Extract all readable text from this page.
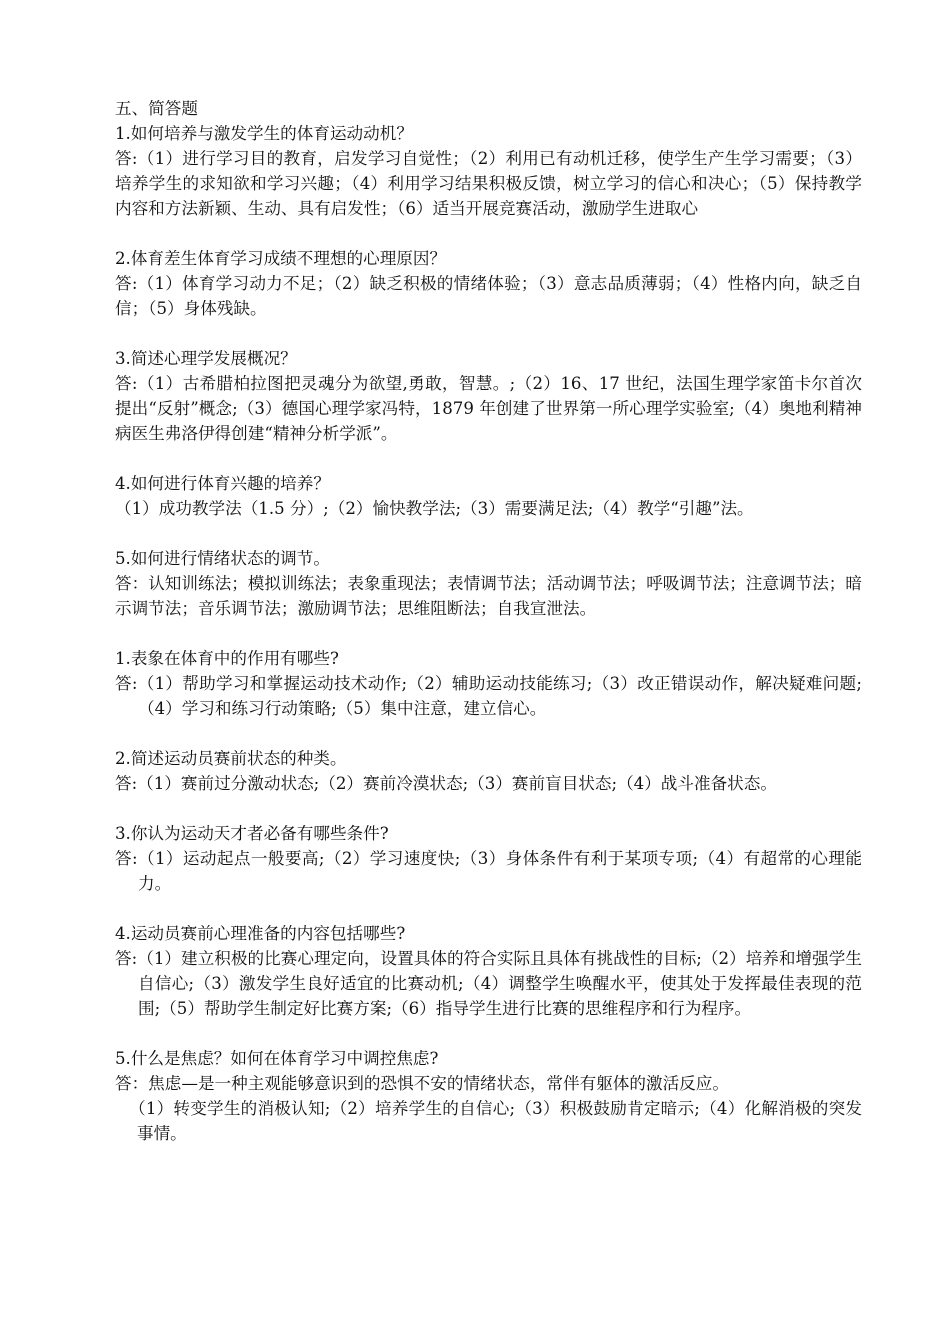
五、简答题

1.如何培养与激发学生的体育运动动机？

答:（1）进行学习目的教育，启发学习自觉性；（2）利用已有动机迁移，使学生产生学习需要；（3）培养学生的求知欲和学习兴趣；（4）利用学习结果积极反馈，树立学习的信心和决心；（5）保持教学内容和方法新颖、生动、具有启发性；（6）适当开展竞赛活动，激励学生进取心

2.体育差生体育学习成绩不理想的心理原因？

答:（1）体育学习动力不足；（2）缺乏积极的情绪体验；（3）意志品质薄弱；（4）性格内向，缺乏自信；（5）身体残缺。

3.简述心理学发展概况？

答:（1）古希腊柏拉图把灵魂分为欲望,勇敢，智慧。;（2）16、17 世纪，法国生理学家笛卡尔首次提出“反射”概念;（3）德国心理学家冯特，1879 年创建了世界第一所心理学实验室;（4）奥地利精神病医生弗洛伊得创建“精神分析学派”。

4.如何进行体育兴趣的培养？

（1）成功教学法（1.5 分）;（2）愉快教学法;（3）需要满足法;（4）教学“引趣”法。

5.如何进行情绪状态的调节。

答：认知训练法；模拟训练法；表象重现法；表情调节法；活动调节法；呼吸调节法；注意调节法；暗示调节法；音乐调节法；激励调节法；思维阻断法；自我宣泄法。

1.表象在体育中的作用有哪些?

答:（1）帮助学习和掌握运动技术动作;（2）辅助运动技能练习;（3）改正错误动作，解决疑难问题;（4）学习和练习行动策略;（5）集中注意，建立信心。

2.简述运动员赛前状态的种类。

答:（1）赛前过分激动状态;（2）赛前冷漠状态;（3）赛前盲目状态;（4）战斗准备状态。

3.你认为运动天才者必备有哪些条件?

答:（1）运动起点一般要高;（2）学习速度快;（3）身体条件有利于某项专项;（4）有超常的心理能力。

4.运动员赛前心理准备的内容包括哪些?

答:（1）建立积极的比赛心理定向，设置具体的符合实际且具体有挑战性的目标;（2）培养和增强学生自信心;（3）激发学生良好适宜的比赛动机;（4）调整学生唤醒水平，使其处于发挥最佳表现的范围;（5）帮助学生制定好比赛方案;（6）指导学生进行比赛的思维程序和行为程序。

5.什么是焦虑？如何在体育学习中调控焦虑?

答：焦虑—是一种主观能够意识到的恐惧不安的情绪状态，常伴有躯体的激活反应。

（1）转变学生的消极认知;（2）培养学生的自信心;（3）积极鼓励肯定暗示;（4）化解消极的突发事情。
